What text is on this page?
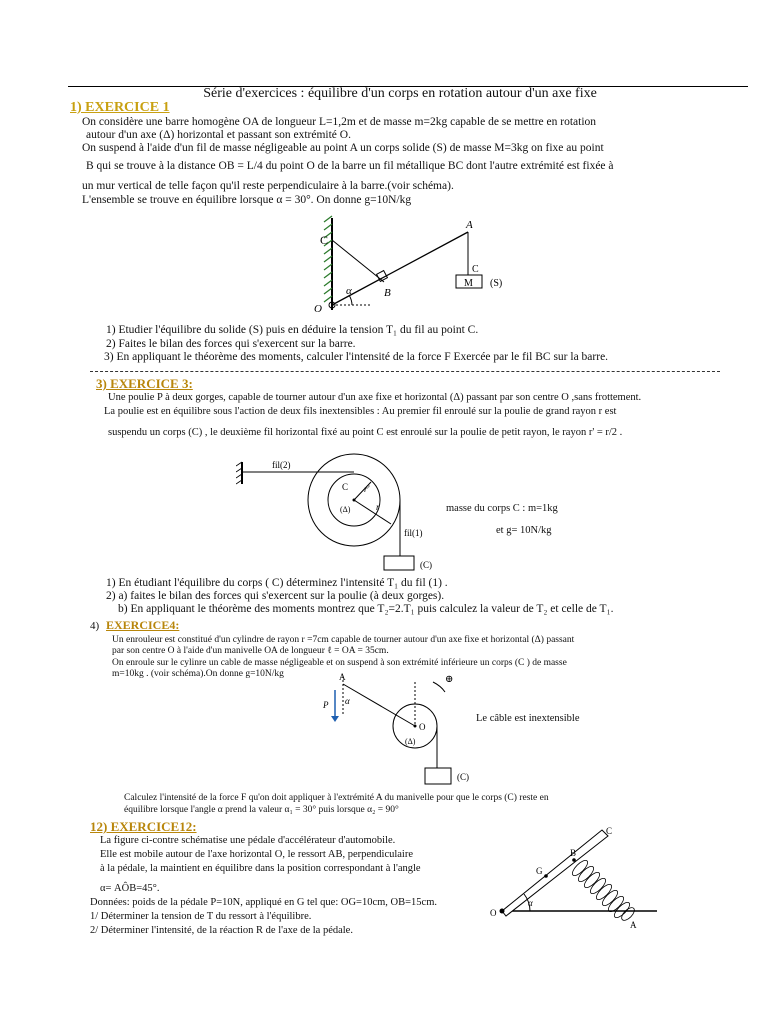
Série d'exercices : équilibre d'un corps en rotation autour d'un axe fixe
1) EXERCICE 1
On considère une barre homogène OA de longueur L=1,2m et de masse m=2kg capable de se mettre en rotation
autour d'un axe (Δ) horizontal et passant son extrémité O.
On suspend à l'aide d'un fil de masse négligeable au point A un corps solide (S) de masse M=3kg on fixe au point
B qui se trouve à la distance OB = L/4 du point O de la barre un fil métallique BC dont l'autre extrémité est fixée à
un mur vertical de telle façon qu'il reste perpendiculaire à la barre.(voir schéma).
L'ensemble se trouve en équilibre lorsque α = 30°. On donne g=10N/kg
C
A
B
O
α
C
M (S)
1) Etudier l'équilibre du solide (S) puis en déduire la tension T₁ du fil au point C.
2) Faites le bilan des forces qui s'exercent sur la barre.
3) En appliquant le théorème des moments, calculer l'intensité de la force F Exercée par le fil BC sur la barre.
3) EXERCICE 3:
Une poulie P à deux gorges, capable de tourner autour d'un axe fixe et horizontal (Δ) passant par son centre O ,sans frottement.
La poulie est en équilibre sous l'action de deux fils inextensibles : Au premier fil enroulé sur la poulie de grand rayon r est
suspendu un corps (C) , le deuxième fil horizontal fixé au point C est enroulé sur la poulie de petit rayon, le rayon r' = r/2 .
fil(2)
fil(1)
C r'
r
(Δ)
(C)
masse du corps C : m=1kg
et g= 10N/kg
1) En étudiant l'équilibre du corps ( C) déterminez l'intensité T₁ du fil (1) .
2) a) faites le bilan des forces qui s'exercent sur la poulie (à deux gorges).
b) En appliquant le théorème des moments montrez que T₂=2.T₁ puis calculez la valeur de T₂ et celle de T₁.
4) EXERCICE4:
Un enrouleur est constitué d'un cylindre de rayon r =7cm capable de tourner autour d'un axe fixe et horizontal (Δ) passant
par son centre O à l'aide d'un manivelle OA de longueur ℓ = OA = 35cm.
On enroule sur le cylinre un cable de masse négligeable et on suspend à son extrémité inférieure un corps (C ) de masse
m=10kg . (voir schéma).On donne g=10N/kg	A
P α
O
(Δ)
⊕
(C)
Le câble est inextensible
Calculez l'intensité de la force F qu'on doit appliquer à l'extrémité A du manivelle pour que le corps (C) reste en
équilibre lorsque l'angle α prend la valeur α₁ = 30° puis lorsque α₂ = 90°
12) EXERCICE12:
La figure ci-contre schématise une pédale d'accélérateur d'automobile.
Elle est mobile autour de l'axe horizontal O, le ressort AB, perpendiculaire
à la pédale, la maintient en équilibre dans la position correspondant à l'angle
α= AÔB=45°.
Données: poids de la pédale P=10N, appliqué en G tel que: OG=10cm, OB=15cm.
1/ Déterminer la tension de T du ressort à l'équilibre.
2/ Déterminer l'intensité, de la réaction R de l'axe de la pédale.
C
G
B
O
α
A
